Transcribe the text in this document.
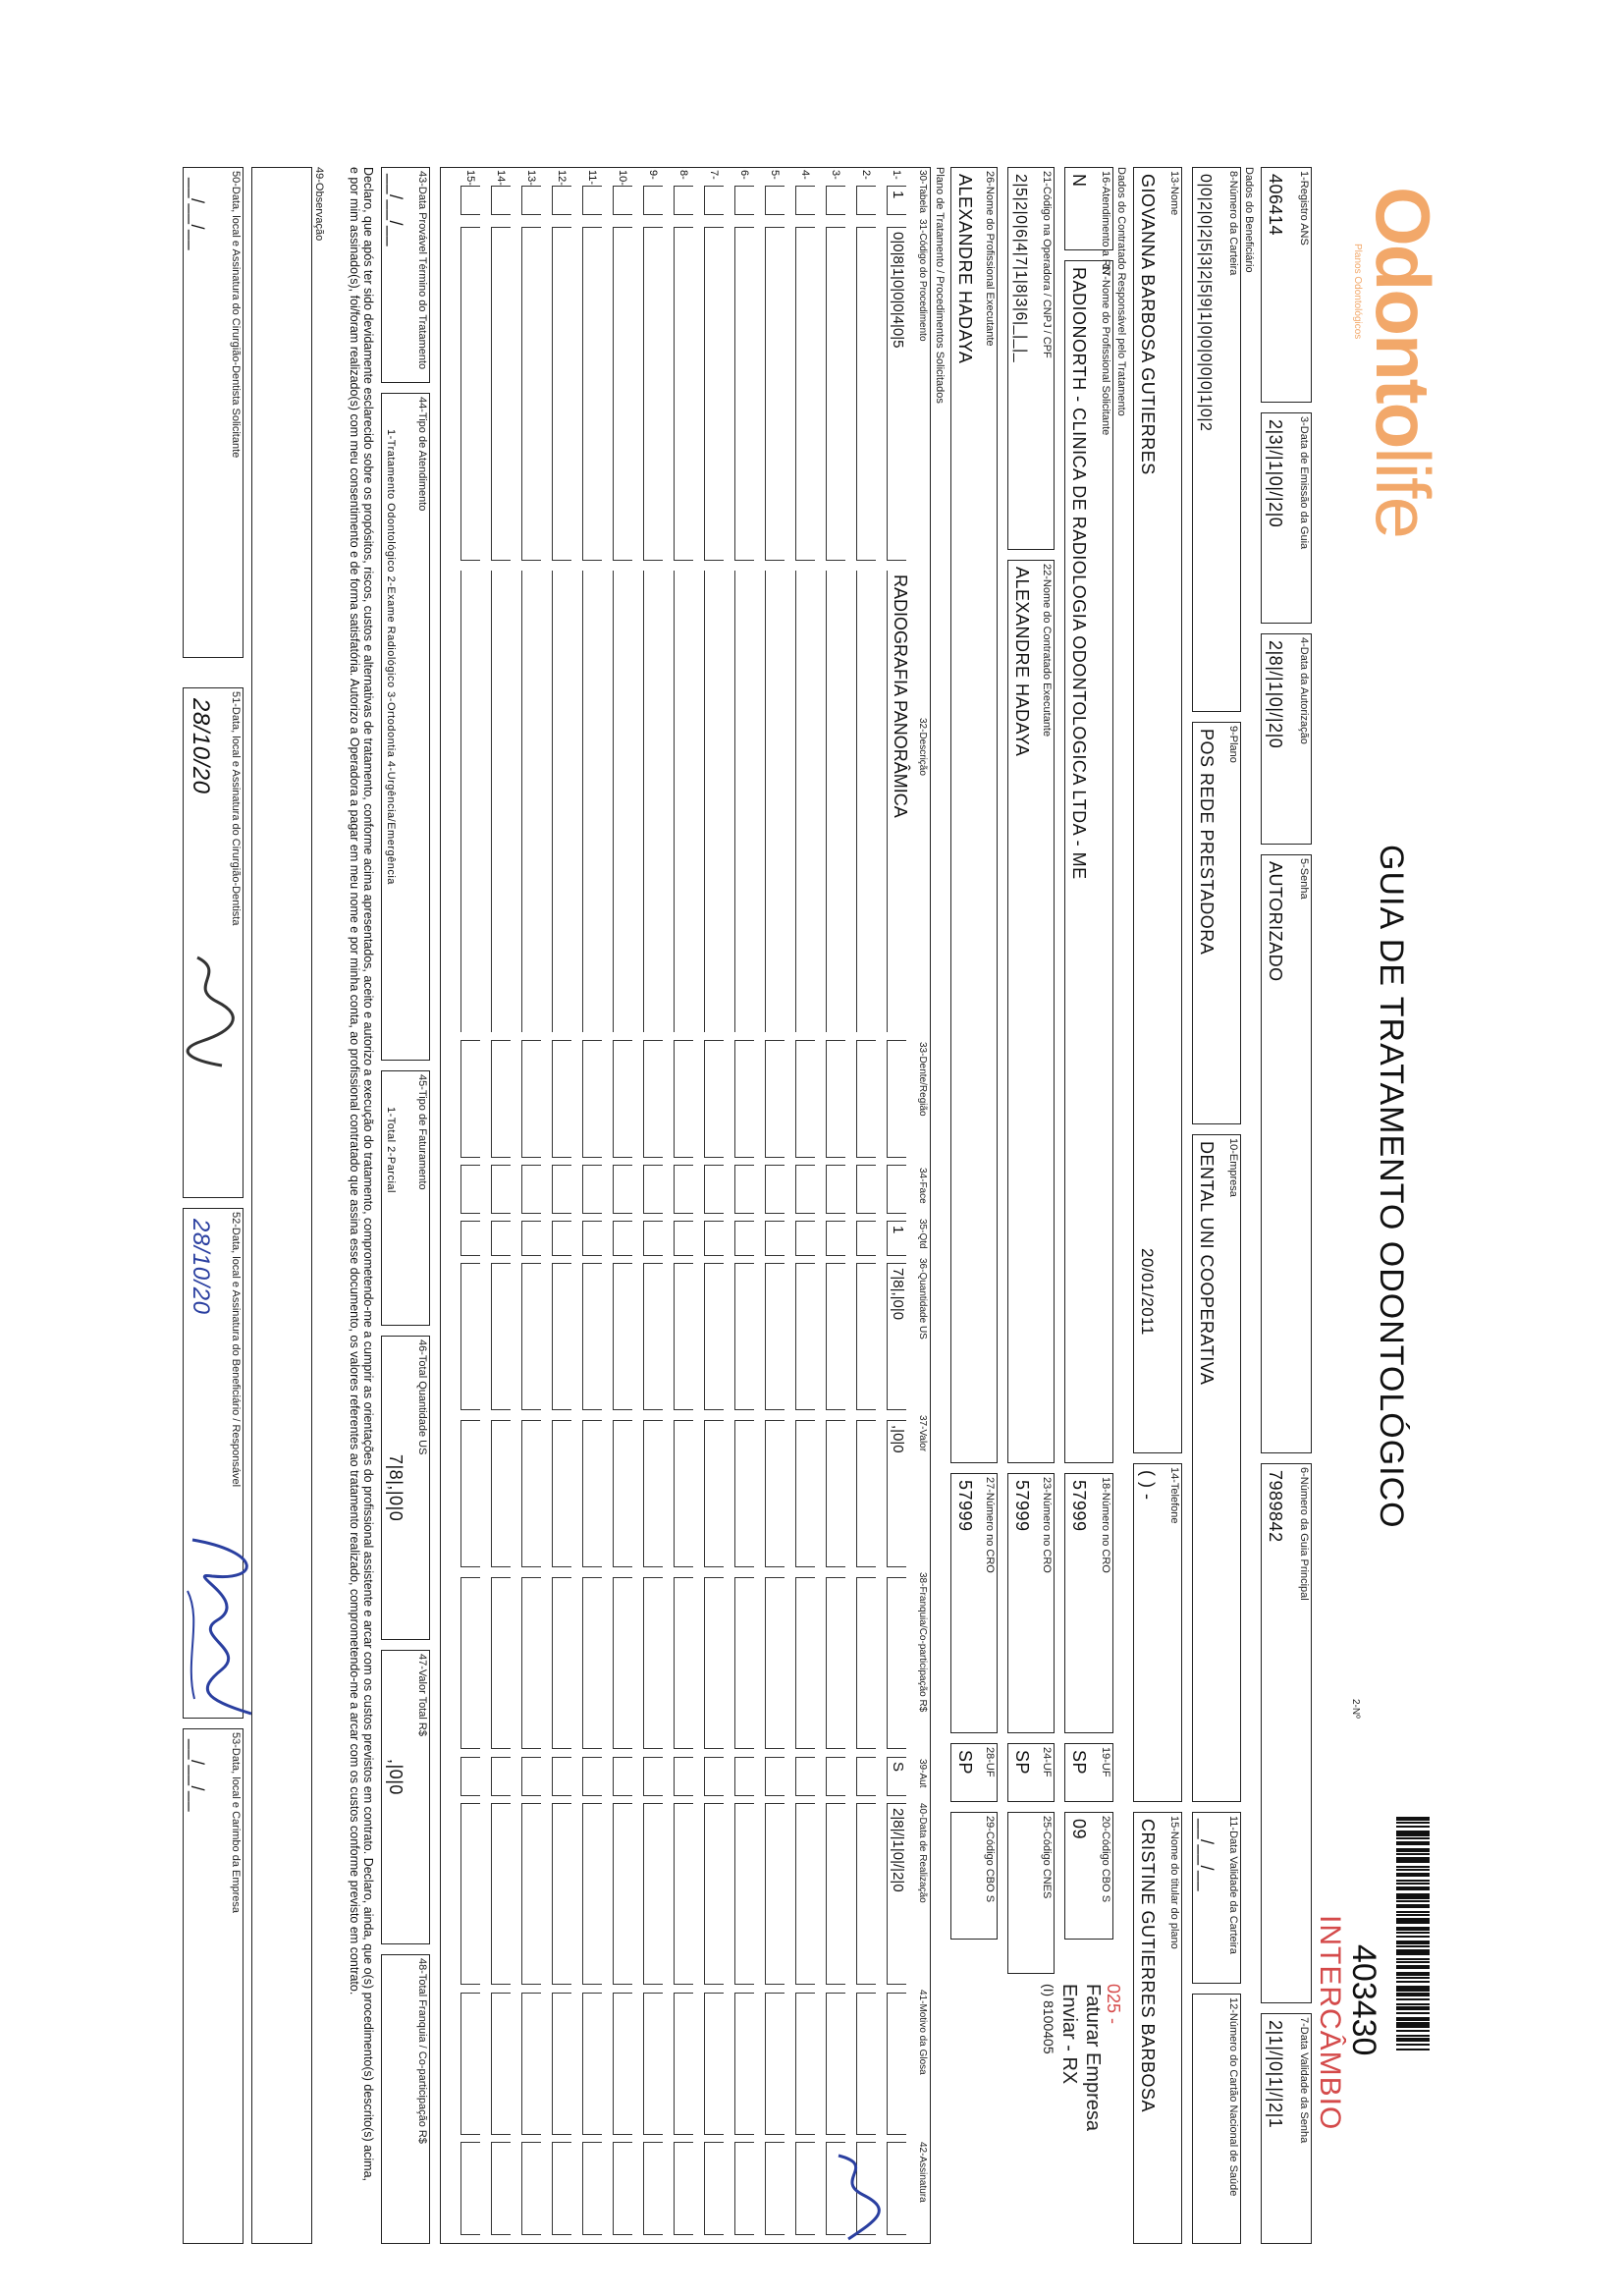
Odontolife
Planos Odontológicos
GUIA DE TRATAMENTO ODONTOLÓGICO
2-Nº
403430
INTERCÂMBIO
1-Registro ANS
406414
3-Data de Emissão da Guia
2|3|/|1|0|/|2|0
4-Data da Autorização
2|8|/|1|0|/|2|0
5-Senha
AUTORIZADO
6-Número da Guia Principal
7989842
7-Data Validade da Senha
2|1|/|0|1|/|2|1
Dados do Beneficiário
8-Número da Carteira
0|0|2|0|2|5|3|2|5|9|1|0|0|0|0|0|1|0|2
9-Plano
POS REDE PRESTADORA
10-Empresa
DENTAL UNI COOPERATIVA
11-Data Validade da Carteira
__/__/__
12-Número do Cartão Nacional de Saúde
13-Nome
GIOVANNA BARBOSA GUTIERRES
20/01/2011
14-Telefone
( ) -
15-Nome do titular do plano
CRISTINE GUTIERRES BARBOSA
Dados do Contratado Responsável pelo Tratamento
16-Atendimento a RN
N
17-Nome do Profissional Solicitante
RADIONORTH - CLINICA DE RADIOLOGIA ODONTOLOGICA LTDA - ME
18-Número no CRO
57999
19-UF
SP
20-Código CBO S
09
025 -
Faturar Empresa
Enviar - RX
(I) 8100405
21-Código na Operadora / CNPJ / CPF
2|5|2|0|6|4|7|1|8|3|6|_|_|_
22-Nome do Contratado Executante
ALEXANDRE HADAYA
23-Número no CRO
57999
24-UF
SP
25-Código CNES
26-Nome do Profissional Executante
ALEXANDRE HADAYA
27-Número no CRO
57999
28-UF
SP
29-Código CBO S
Plano de Tratamento / Procedimentos Solicitados
30-Tabela
31-Código do Procedimento
32-Descrição
33-Dente/Região
34-Face
35-Qtd
36-Quantidade US
37-Valor
38-Franquia/Co-participação R$
39-Aut
40-Data de Realização
41-Motivo da Glosa
42-Assinatura
1-
1
0|0|8|1|0|0|0|4|0|5
RADIOGRAFIA PANORÂMICA
1
7|8|,|0|0
,|0|0
S
2|8|/|1|0|/|2|0
2-
3-
4-
5-
6-
7-
8-
9-
10-
11-
12-
13-
14-
15-
43-Data Provável Término do Tratamento
__/__/__
44-Tipo de Atendimento
1-Tratamento Odontológico 2-Exame Radiológico 3-Ortodontia 4-Urgência/Emergência
45-Tipo de Faturamento
1-Total 2-Parcial
46-Total Quantidade US
7|8|,|0|0
47-Valor Total R$
,|0|0
48-Total Franquia / Co-participação R$
Declaro, que após ter sido devidamente esclarecido sobre os propósitos, riscos, custos e alternativas de tratamento, conforme acima apresentados, aceito e autorizo a execução do tratamento, comprometendo-me a cumprir as orientações do profissional assistente e arcar com os custos previstos em contrato. Declaro, ainda, que o(s) procedimento(s) descrito(s) acima, e por mim assinado(s), foi/foram realizado(s) com meu consentimento e de forma satisfatória. Autorizo a Operadora a pagar em meu nome e por minha conta, ao profissional contratado que assina esse documento, os valores referentes ao tratamento realizado, comprometendo-me a arcar com os custos conforme previsto em contrato.
49-Observação
50-Data, local e Assinatura do Cirurgião-Dentista Solicitante
__/__/__
51-Data, local e Assinatura do Cirurgião-Dentista
28/10/20
52-Data, local e Assinatura do Beneficiário / Responsável
28/10/20
53-Data, local e Carimbo da Empresa
__/__/__
